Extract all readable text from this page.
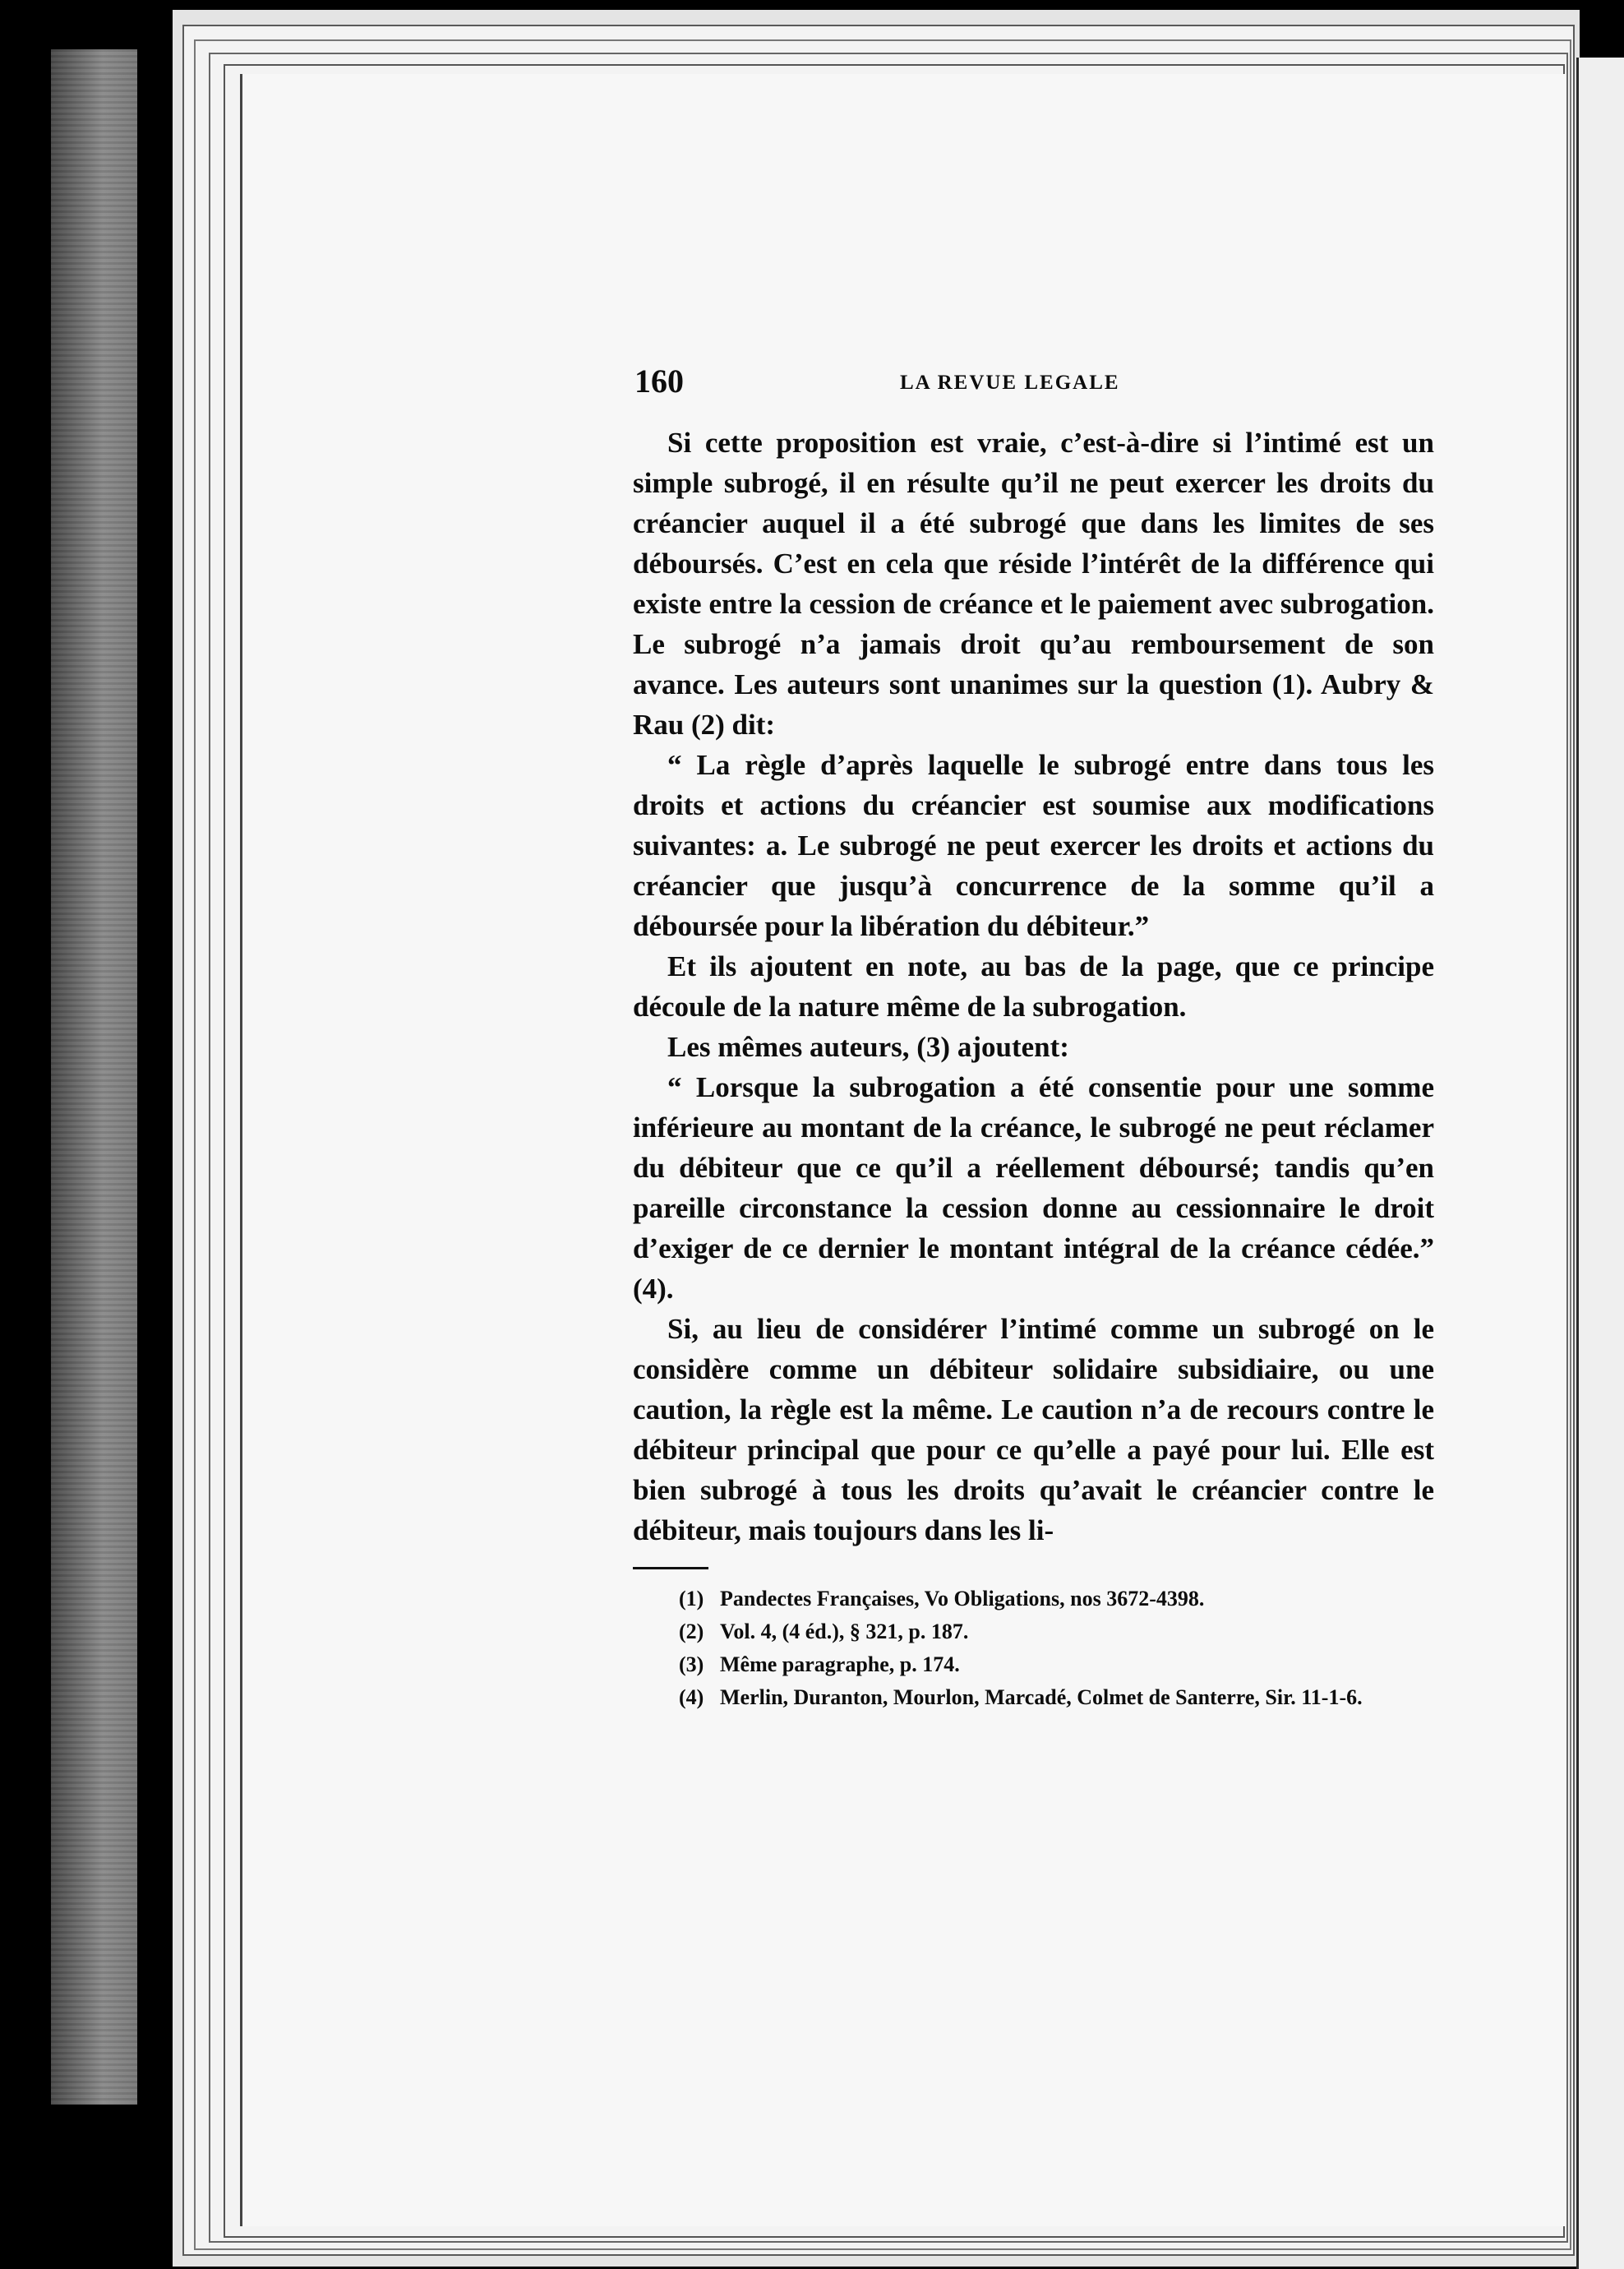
160	LA REVUE LEGALE

Si cette proposition est vraie, c’est-à-dire si l’intimé est un simple subrogé, il en résulte qu’il ne peut exercer les droits du créancier auquel il a été subrogé que dans les limites de ses déboursés. C’est en cela que réside l’intérêt de la différence qui existe entre la cession de créance et le paiement avec subrogation. Le subrogé n’a jamais droit qu’au remboursement de son avance. Les auteurs sont unanimes sur la question (1). Aubry & Rau (2) dit:

“ La règle d’après laquelle le subrogé entre dans tous les droits et actions du créancier est soumise aux modifications suivantes: a. Le subrogé ne peut exercer les droits et actions du créancier que jusqu’à concurrence de la somme qu’il a déboursée pour la libération du débiteur.”

Et ils ajoutent en note, au bas de la page, que ce principe découle de la nature même de la subrogation.

Les mêmes auteurs, (3) ajoutent:

“ Lorsque la subrogation a été consentie pour une somme inférieure au montant de la créance, le subrogé ne peut réclamer du débiteur que ce qu’il a réellement déboursé; tandis qu’en pareille circonstance la cession donne au cessionnaire le droit d’exiger de ce dernier le montant intégral de la créance cédée.” (4).

Si, au lieu de considérer l’intimé comme un subrogé on le considère comme un débiteur solidaire subsidiaire, ou une caution, la règle est la même. Le caution n’a de recours contre le débiteur principal que pour ce qu’elle a payé pour lui. Elle est bien subrogé à tous les droits qu’avait le créancier contre le débiteur, mais toujours dans les li-

(1) Pandectes Françaises, Vo Obligations, nos 3672-4398.

(2) Vol. 4, (4 éd.), § 321, p. 187.

(3) Même paragraphe, p. 174.

(4) Merlin, Duranton, Mourlon, Marcadé, Colmet de Santerre, Sir. 11-1-6.
